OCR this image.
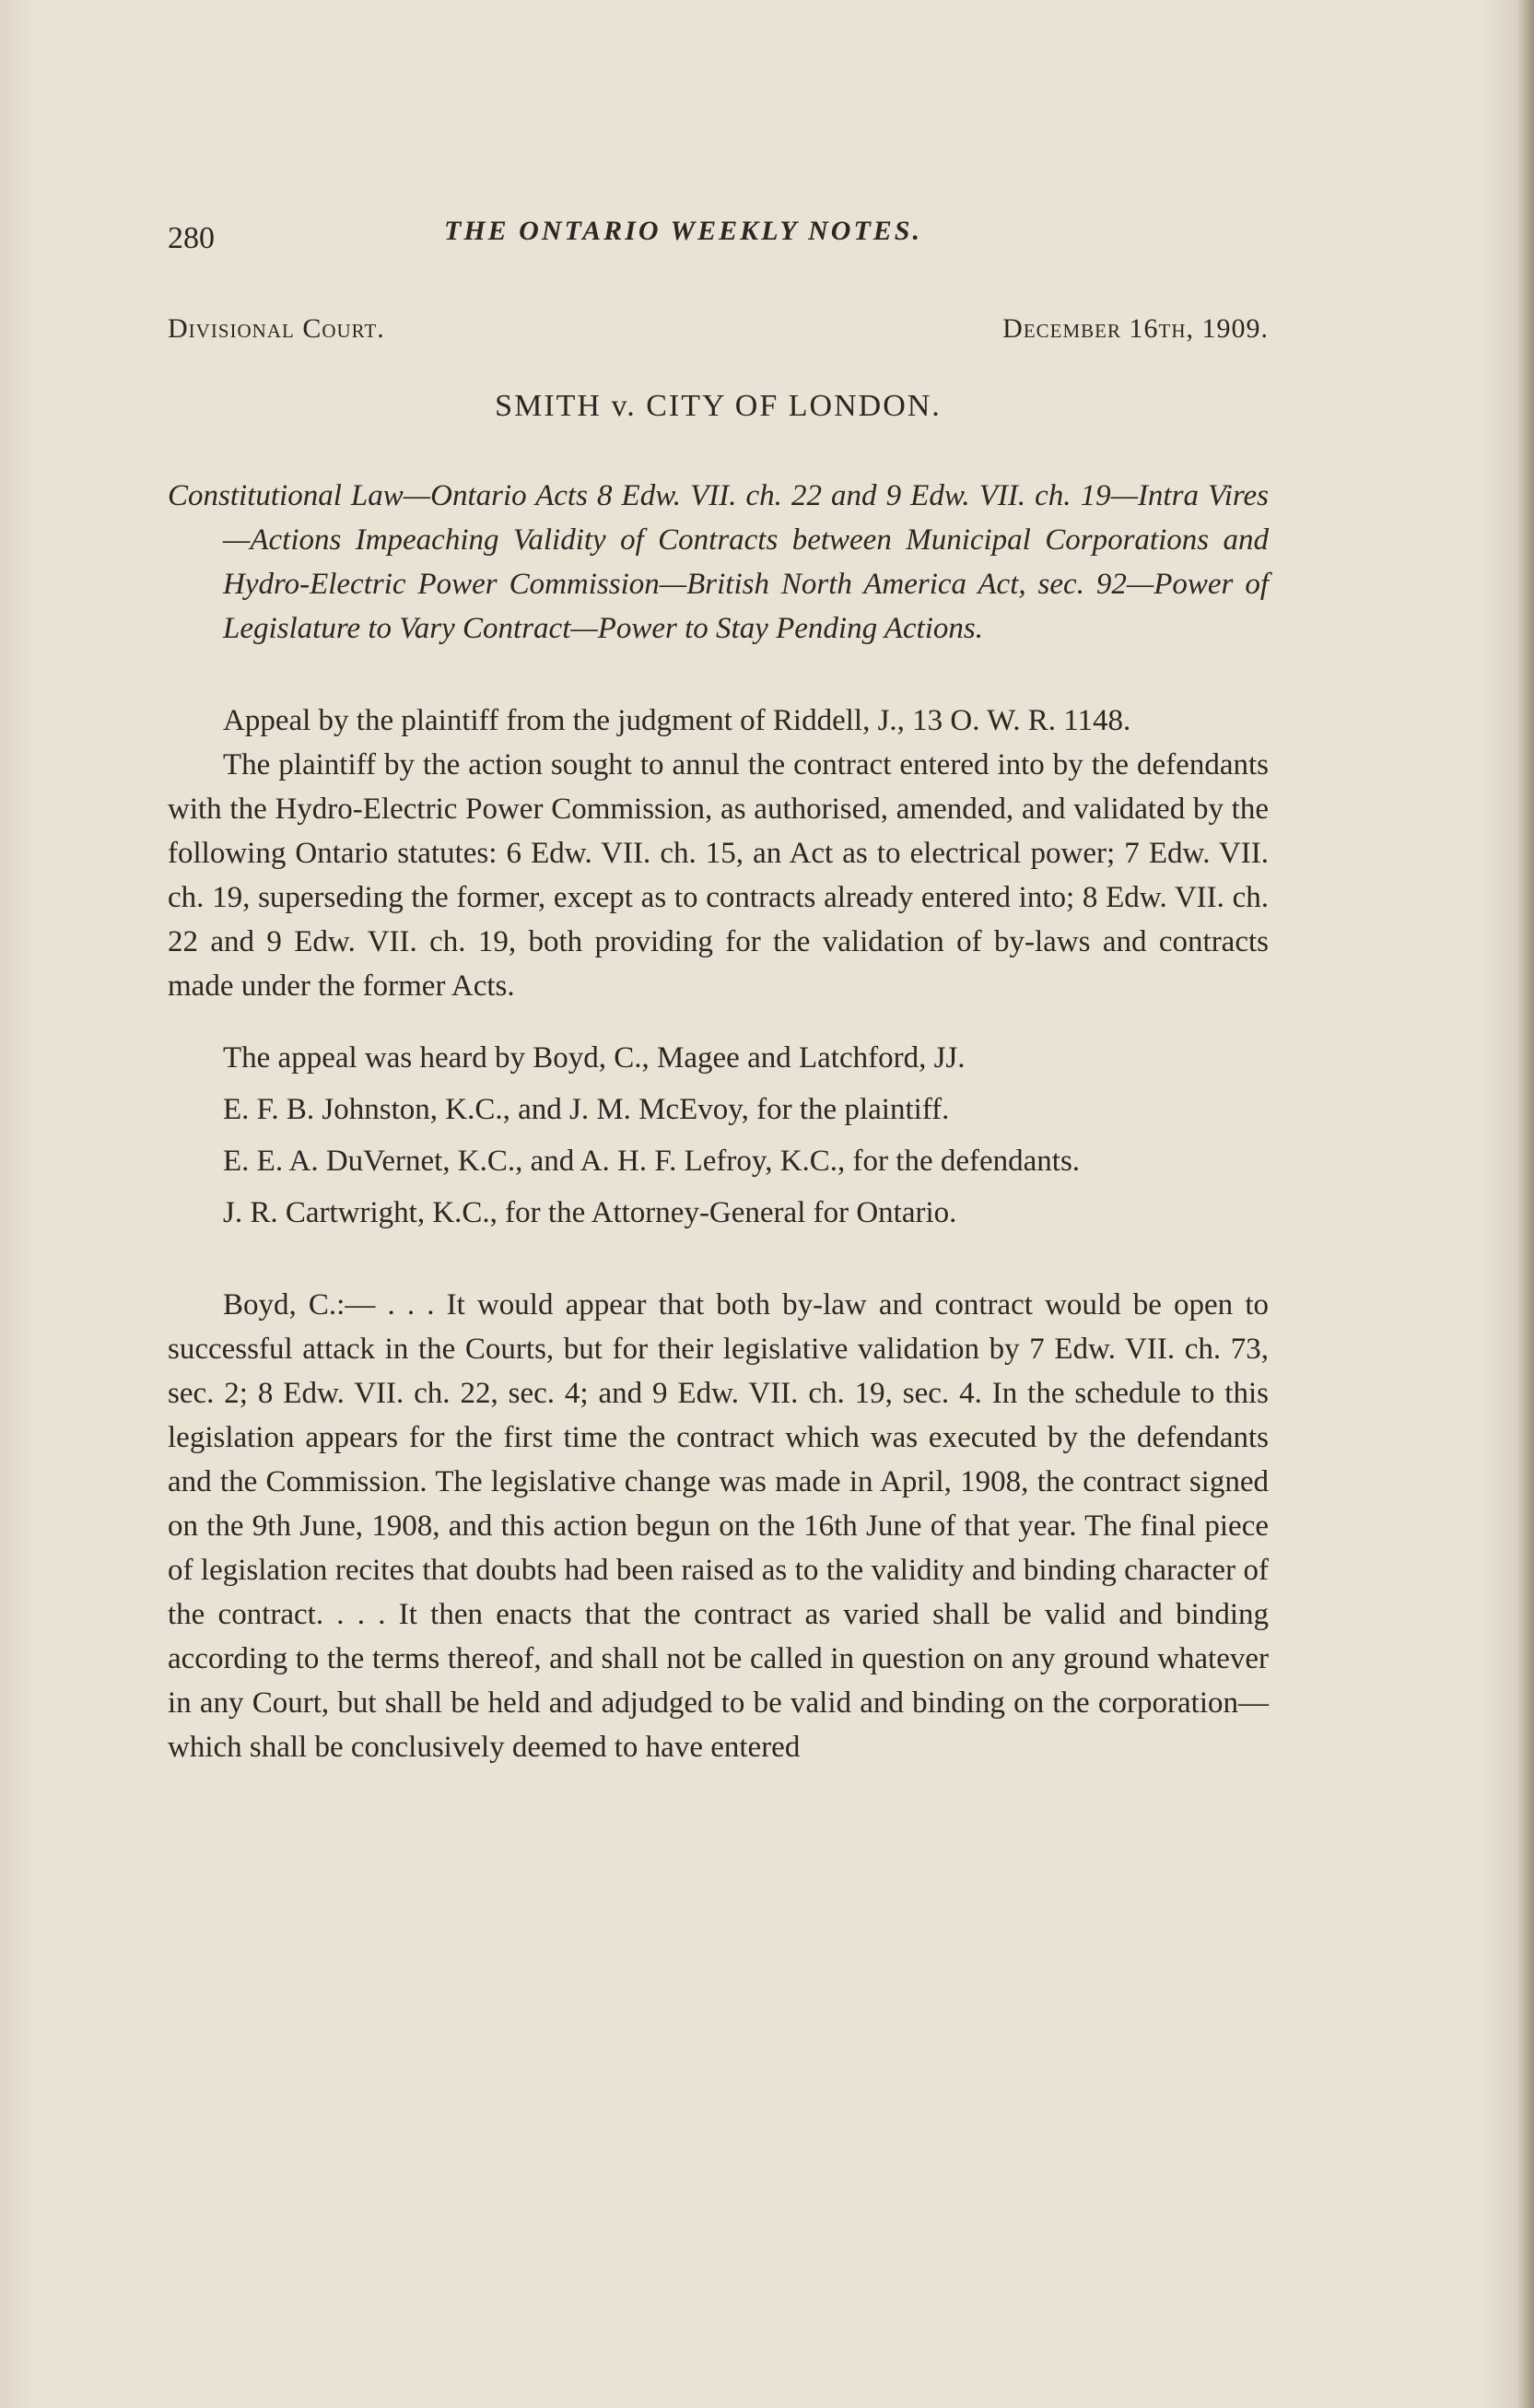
280	THE ONTARIO WEEKLY NOTES.
Divisional Court.	December 16th, 1909.
SMITH v. CITY OF LONDON.
Constitutional Law—Ontario Acts 8 Edw. VII. ch. 22 and 9 Edw. VII. ch. 19—Intra Vires—Actions Impeaching Validity of Contracts between Municipal Corporations and Hydro-Electric Power Commission—British North America Act, sec. 92—Power of Legislature to Vary Contract—Power to Stay Pending Actions.

Appeal by the plaintiff from the judgment of Riddell, J., 13 O. W. R. 1148.

The plaintiff by the action sought to annul the contract entered into by the defendants with the Hydro-Electric Power Commission, as authorised, amended, and validated by the following Ontario statutes: 6 Edw. VII. ch. 15, an Act as to electrical power; 7 Edw. VII. ch. 19, superseding the former, except as to contracts already entered into; 8 Edw. VII. ch. 22 and 9 Edw. VII. ch. 19, both providing for the validation of by-laws and contracts made under the former Acts.

The appeal was heard by Boyd, C., Magee and Latchford, JJ.

E. F. B. Johnston, K.C., and J. M. McEvoy, for the plaintiff.

E. E. A. DuVernet, K.C., and A. H. F. Lefroy, K.C., for the defendants.

J. R. Cartwright, K.C., for the Attorney-General for Ontario.

Boyd, C.:— . . . It would appear that both by-law and contract would be open to successful attack in the Courts, but for their legislative validation by 7 Edw. VII. ch. 73, sec. 2; 8 Edw. VII. ch. 22, sec. 4; and 9 Edw. VII. ch. 19, sec. 4. In the schedule to this legislation appears for the first time the contract which was executed by the defendants and the Commission. The legislative change was made in April, 1908, the contract signed on the 9th June, 1908, and this action begun on the 16th June of that year. The final piece of legislation recites that doubts had been raised as to the validity and binding character of the contract. . . . It then enacts that the contract as varied shall be valid and binding according to the terms thereof, and shall not be called in question on any ground whatever in any Court, but shall be held and adjudged to be valid and binding on the corporation—which shall be conclusively deemed to have entered
